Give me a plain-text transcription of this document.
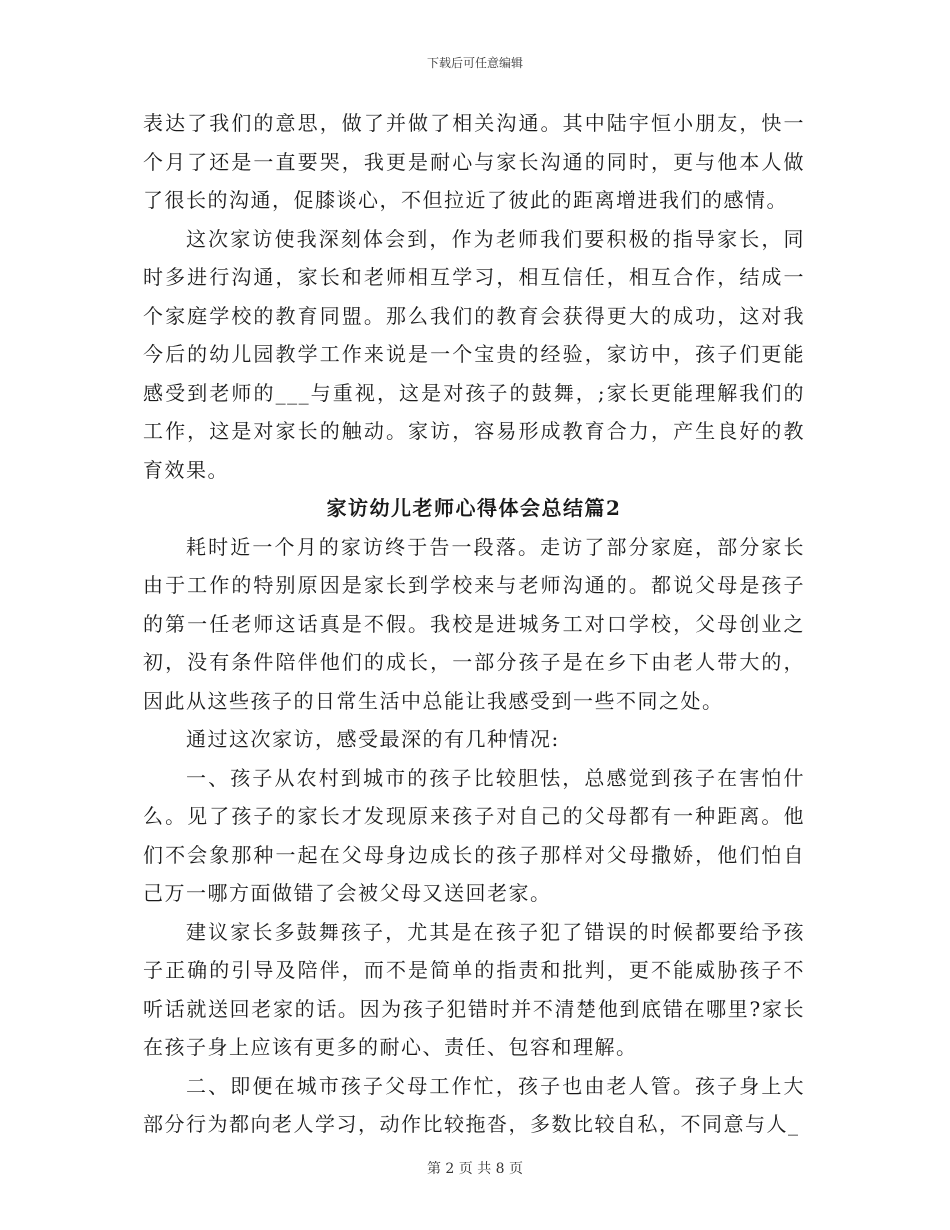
下载后可任意编辑

表达了我们的意思，做了并做了相关沟通。其中陆宇恒小朋友，快一个月了还是一直要哭，我更是耐心与家长沟通的同时，更与他本人做了很长的沟通，促膝谈心，不但拉近了彼此的距离增进我们的感情。

这次家访使我深刻体会到，作为老师我们要积极的指导家长，同时多进行沟通，家长和老师相互学习，相互信任，相互合作，结成一个家庭学校的教育同盟。那么我们的教育会获得更大的成功，这对我今后的幼儿园教学工作来说是一个宝贵的经验，家访中，孩子们更能感受到老师的___与重视，这是对孩子的鼓舞，;家长更能理解我们的工作，这是对家长的触动。家访，容易形成教育合力，产生良好的教育效果。

家访幼儿老师心得体会总结篇2

耗时近一个月的家访终于告一段落。走访了部分家庭，部分家长由于工作的特别原因是家长到学校来与老师沟通的。都说父母是孩子的第一任老师这话真是不假。我校是进城务工对口学校，父母创业之初，没有条件陪伴他们的成长，一部分孩子是在乡下由老人带大的，因此从这些孩子的日常生活中总能让我感受到一些不同之处。

通过这次家访，感受最深的有几种情况:

一、孩子从农村到城市的孩子比较胆怯，总感觉到孩子在害怕什么。见了孩子的家长才发现原来孩子对自己的父母都有一种距离。他们不会象那种一起在父母身边成长的孩子那样对父母撒娇，他们怕自己万一哪方面做错了会被父母又送回老家。

建议家长多鼓舞孩子，尤其是在孩子犯了错误的时候都要给予孩子正确的引导及陪伴，而不是简单的指责和批判，更不能威胁孩子不听话就送回老家的话。因为孩子犯错时并不清楚他到底错在哪里?家长在孩子身上应该有更多的耐心、责任、包容和理解。

二、即便在城市孩子父母工作忙，孩子也由老人管。孩子身上大部分行为都向老人学习，动作比较拖沓，多数比较自私，不同意与人_

第 2 页 共 8 页
